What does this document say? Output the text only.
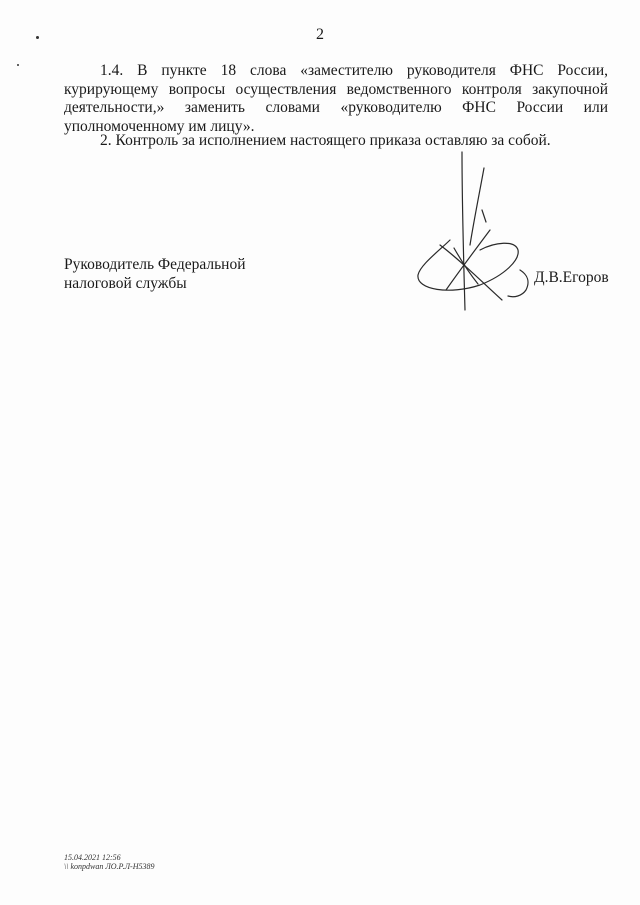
2
1.4. В пункте 18 слова «заместителю руководителя ФНС России, курирующему вопросы осуществления ведомственного контроля закупочной деятельности,» заменить словами «руководителю ФНС России или уполномоченному им лицу».
2. Контроль за исполнением настоящего приказа оставляю за собой.
Руководитель Федеральной
налоговой службы	Д.В.Егоров
15.04.2021 12:56
\\ konpdwan ЛО.Р.Л-Н5389
